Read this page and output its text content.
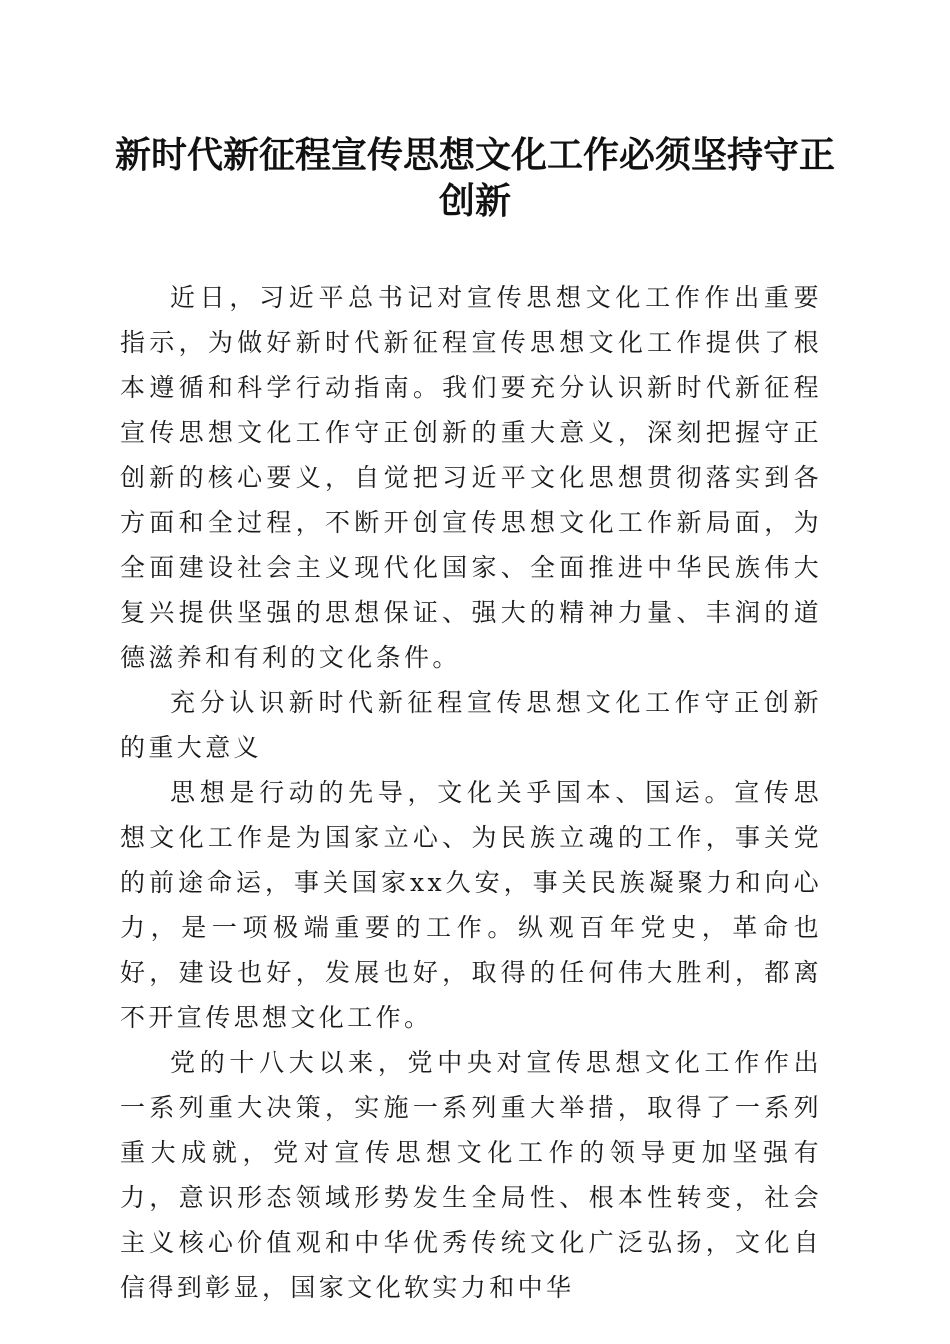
新时代新征程宣传思想文化工作必须坚持守正创新

近日，习近平总书记对宣传思想文化工作作出重要指示，为做好新时代新征程宣传思想文化工作提供了根本遵循和科学行动指南。我们要充分认识新时代新征程宣传思想文化工作守正创新的重大意义，深刻把握守正创新的核心要义，自觉把习近平文化思想贯彻落实到各方面和全过程，不断开创宣传思想文化工作新局面，为全面建设社会主义现代化国家、全面推进中华民族伟大复兴提供坚强的思想保证、强大的精神力量、丰润的道德滋养和有利的文化条件。

充分认识新时代新征程宣传思想文化工作守正创新的重大意义

思想是行动的先导，文化关乎国本、国运。宣传思想文化工作是为国家立心、为民族立魂的工作，事关党的前途命运，事关国家xx久安，事关民族凝聚力和向心力，是一项极端重要的工作。纵观百年党史，革命也好，建设也好，发展也好，取得的任何伟大胜利，都离不开宣传思想文化工作。

党的十八大以来，党中央对宣传思想文化工作作出一系列重大决策，实施一系列重大举措，取得了一系列重大成就，党对宣传思想文化工作的领导更加坚强有力，意识形态领域形势发生全局性、根本性转变，社会主义核心价值观和中华优秀传统文化广泛弘扬，文化自信得到彰显，国家文化软实力和中华
